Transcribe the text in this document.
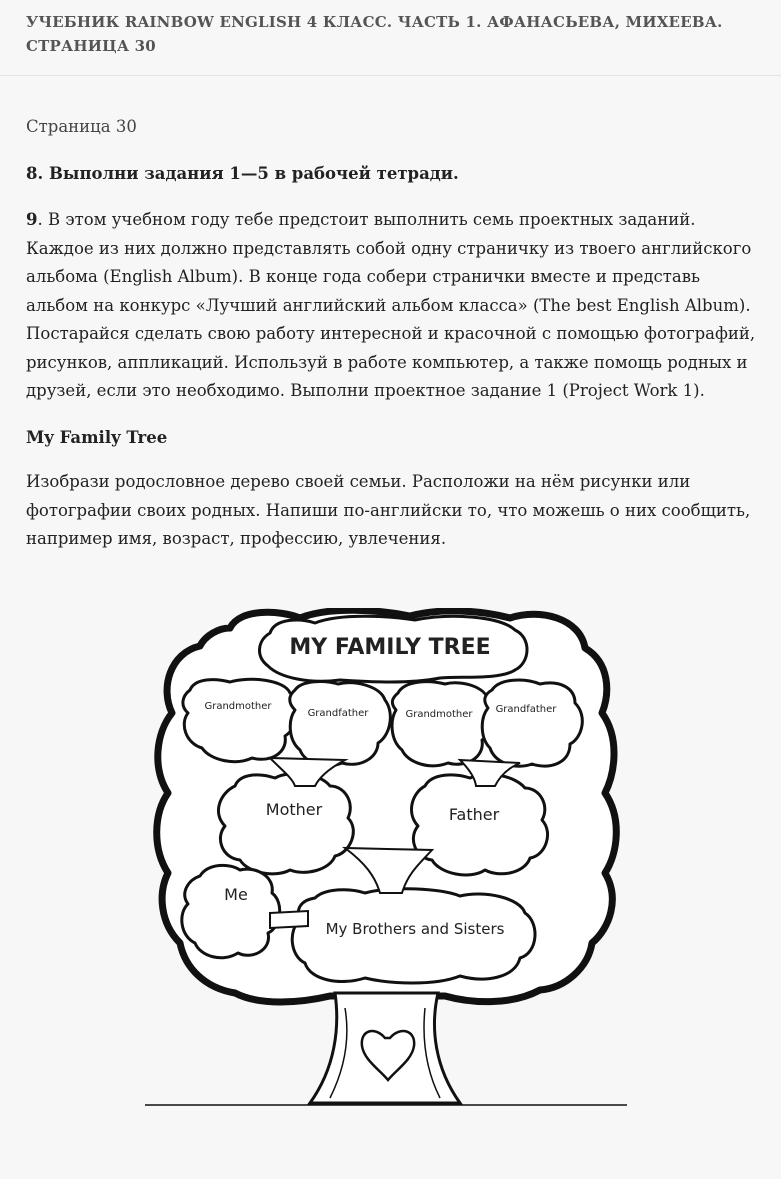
УЧЕБНИК RAINBOW ENGLISH 4 КЛАСС. ЧАСТЬ 1. АФАНАСЬЕВА, МИХЕЕВА. СТРАНИЦА 30

Страница 30

8. Выполни задания 1—5 в рабочей тетради.

9. В этом учебном году тебе предстоит выполнить семь проектных заданий. Каждое из них должно представлять собой одну страничку из твоего английского альбома (English Album). В конце года собери странички вместе и представь альбом на конкурс «Лучший английский альбом класса» (The best English Album). Постарайся сделать свою работу интересной и красочной с помощью фотографий, рисунков, аппликаций. Используй в работе компьютер, а также помощь родных и друзей, если это необходимо. Выполни проектное задание 1 (Project Work 1).

My Family Tree

Изобрази родословное дерево своей семьи. Расположи на нём рисунки или фотографии своих родных. Напиши по-английски то, что можешь о них сообщить, например имя, возраст, профессию, увлечения.

MY FAMILY TREE
Grandmother
Grandfather	Grandmother Grandfather
Mother	Father
Me
My Brothers and Sisters
